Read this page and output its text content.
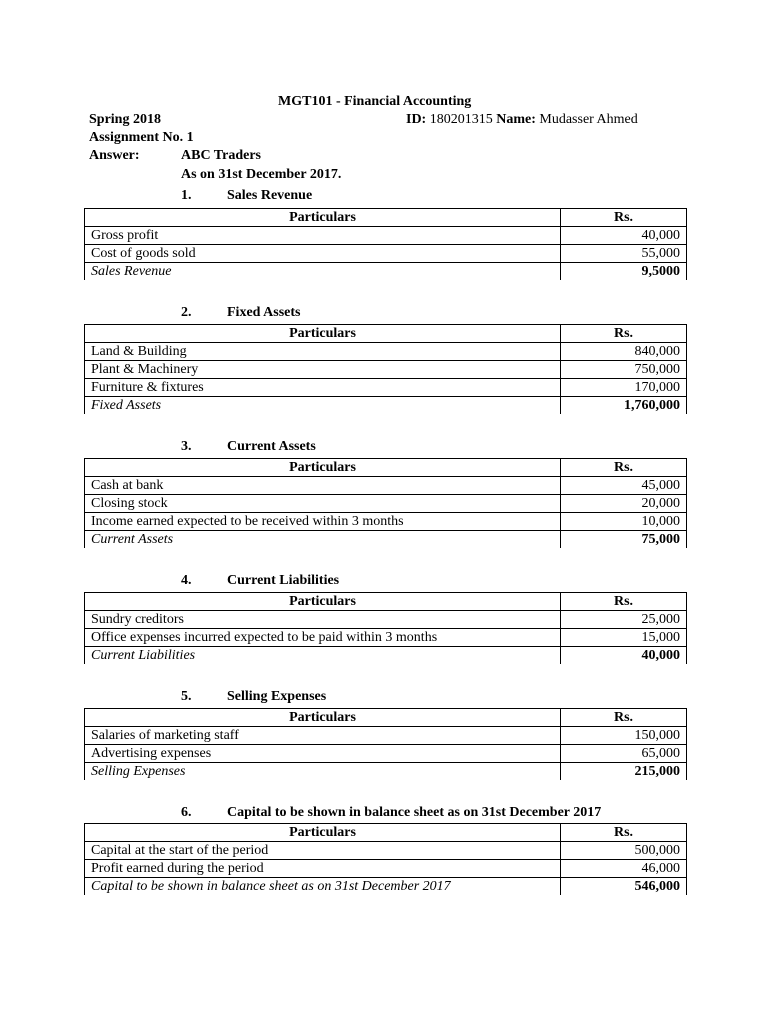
MGT101 - Financial Accounting
Spring 2018	ID: 180201315 Name: Mudasser Ahmed
Assignment No. 1
Answer:	ABC Traders
As on 31st December 2017.
1.	Sales Revenue
Particulars	Rs.
Gross profit	40,000
Cost of goods sold	55,000
Sales Revenue	9,5000
2.	Fixed Assets
Particulars	Rs.
Land & Building	840,000
Plant & Machinery	750,000
Furniture & fixtures	170,000
Fixed Assets	1,760,000
3.	Current Assets
Particulars	Rs.
Cash at bank	45,000
Closing stock	20,000
Income earned expected to be received within 3 months	10,000
Current Assets	75,000
4.	Current Liabilities
Particulars	Rs.
Sundry creditors	25,000
Office expenses incurred expected to be paid within 3 months	15,000
Current Liabilities	40,000
5.	Selling Expenses
Particulars	Rs.
Salaries of marketing staff	150,000
Advertising expenses	65,000
Selling Expenses	215,000
6.	Capital to be shown in balance sheet as on 31st December 2017
Particulars	Rs.
Capital at the start of the period	500,000
Profit earned during the period	46,000
Capital to be shown in balance sheet as on 31st December 2017	546,000
